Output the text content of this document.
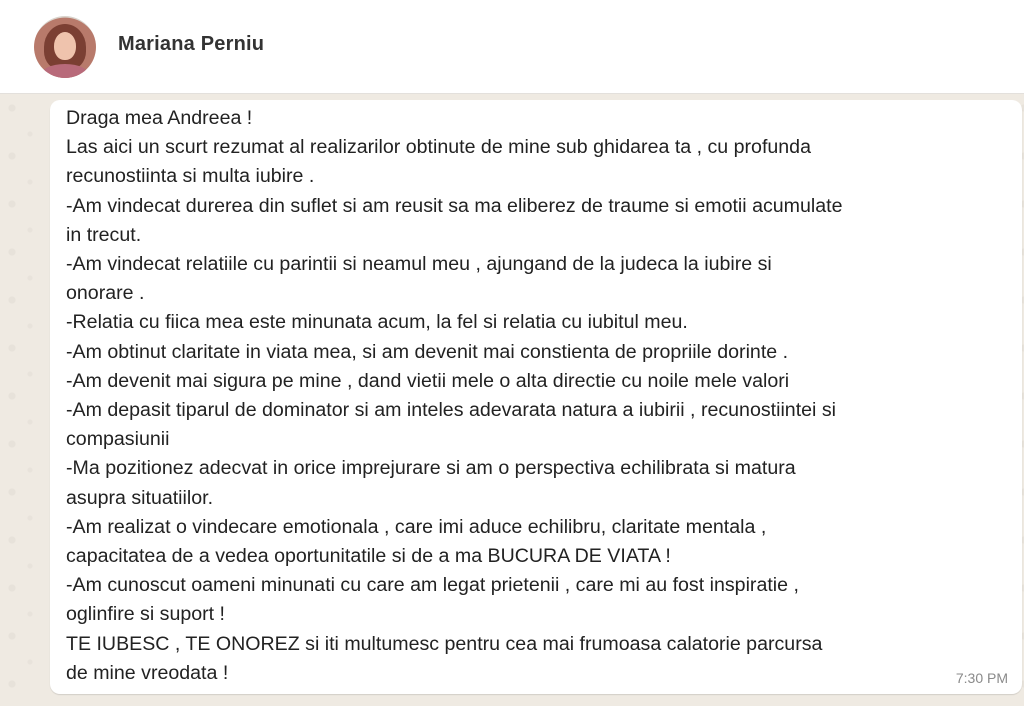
Mariana Perniu

Draga mea Andreea !
Las aici un scurt rezumat al realizarilor obtinute de mine sub ghidarea ta , cu profunda
recunostiinta si multa iubire .
-Am vindecat durerea din suflet si am reusit sa ma eliberez de traume si emotii acumulate
in trecut.
-Am vindecat relatiile cu parintii si neamul meu , ajungand de la judeca la iubire si
onorare .
-Relatia cu fiica mea este minunata acum, la fel si relatia cu iubitul meu.
-Am obtinut claritate in viata mea, si am devenit mai constienta de propriile dorinte .
-Am devenit mai sigura pe mine , dand vietii mele o alta directie cu noile mele valori
-Am depasit tiparul de dominator si am inteles adevarata natura a iubirii , recunostiintei si
compasiunii
-Ma pozitionez adecvat in orice imprejurare si am o perspectiva echilibrata si matura
asupra situatiilor.
-Am realizat o vindecare emotionala , care imi aduce echilibru, claritate mentala ,
capacitatea de a vedea oportunitatile si de a ma BUCURA DE VIATA !
-Am cunoscut oameni minunati cu care am legat prietenii , care mi au fost inspiratie ,
oglinfire si suport !
TE IUBESC , TE ONOREZ si iti multumesc pentru cea mai frumoasa calatorie parcursa
de mine vreodata !	7:30 PM
